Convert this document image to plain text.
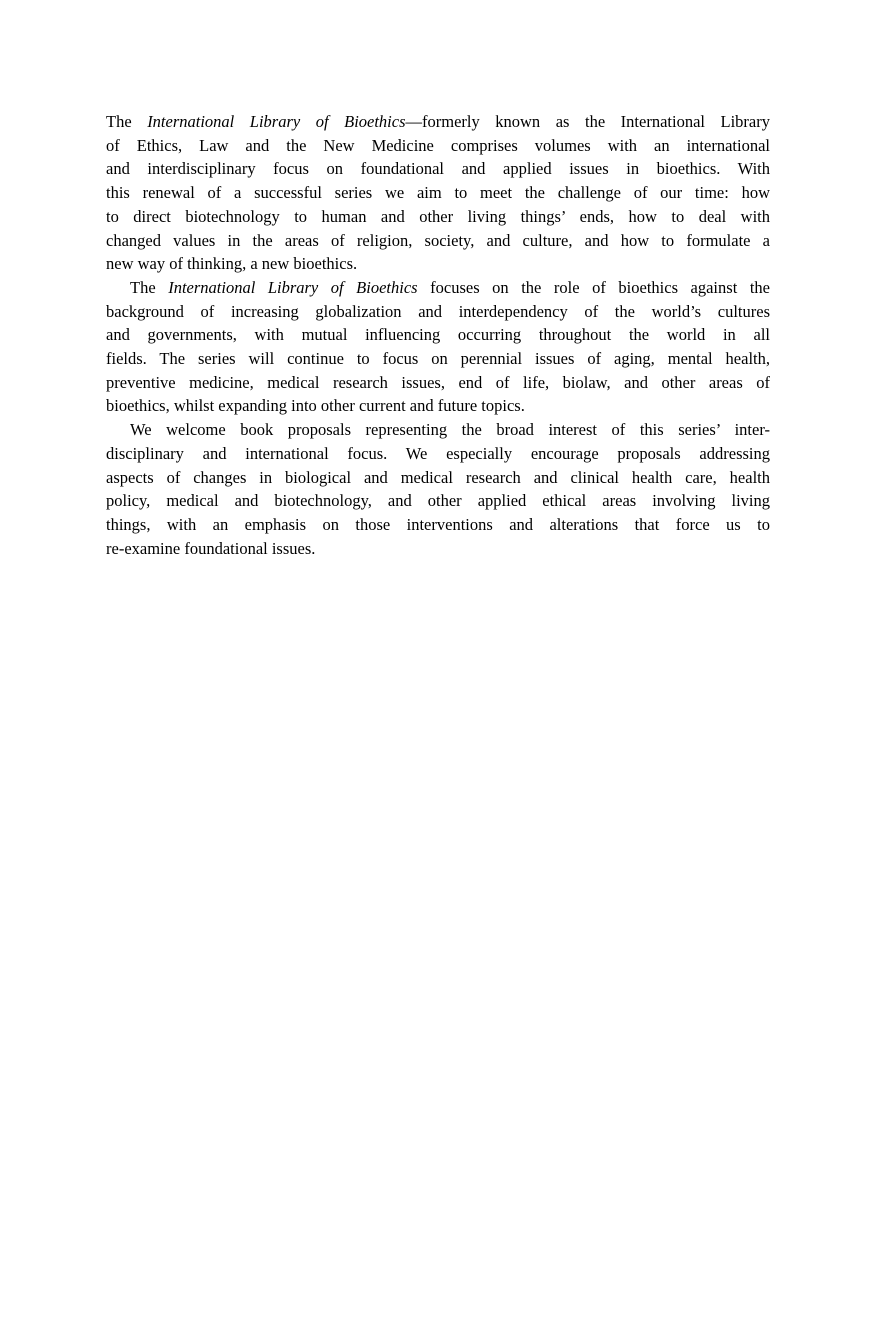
The International Library of Bioethics—formerly known as the International Library
of Ethics, Law and the New Medicine comprises volumes with an international
and interdisciplinary focus on foundational and applied issues in bioethics. With
this renewal of a successful series we aim to meet the challenge of our time: how
to direct biotechnology to human and other living things’ ends, how to deal with
changed values in the areas of religion, society, and culture, and how to formulate a
new way of thinking, a new bioethics.
The International Library of Bioethics focuses on the role of bioethics against the
background of increasing globalization and interdependency of the world’s cultures
and governments, with mutual influencing occurring throughout the world in all
fields. The series will continue to focus on perennial issues of aging, mental health,
preventive medicine, medical research issues, end of life, biolaw, and other areas of
bioethics, whilst expanding into other current and future topics.
We welcome book proposals representing the broad interest of this series’ inter-
disciplinary and international focus. We especially encourage proposals addressing
aspects of changes in biological and medical research and clinical health care, health
policy, medical and biotechnology, and other applied ethical areas involving living
things, with an emphasis on those interventions and alterations that force us to
re-examine foundational issues.
